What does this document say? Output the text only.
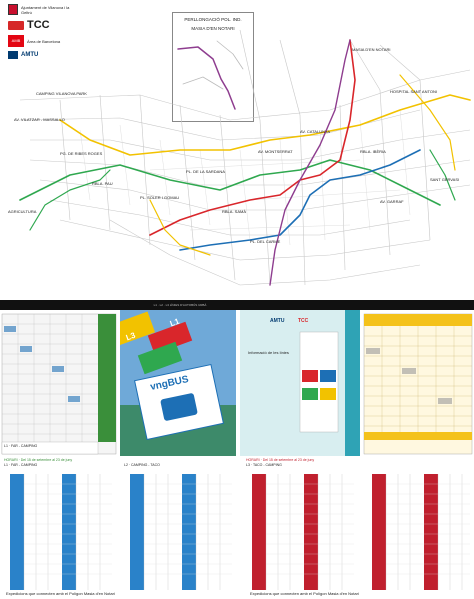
Ajuntament de Vilanova i la Geltrú
TCC
AMB	Àrea de Barcelona
AMTU
PERLLONGACIÓ POL. IND.
MASIA D'EN NOTARI
CAMPING VILANOVA PARK
AV. VILATZAR - MASSALLO
PG. DE RIBES ROGES
AGRICULTURA
RBLA. PAU
PL. SOLER I GOMAU
PL. DE LA SARDANA
RBLA. SAMÀ
AV. MONTSERRAT
AV. CATALUNYA
PL. DEL CARME
RBLA. IBÈRIA
AV. GARRAF
HOSPITAL SANT ANTONI
MASIA D'EN NOTARI
SANT GERVASI
L1 · L2 · L3 LÍNIES D'AUTOBÚS URBÀ
L1 · FAR - CAMPING
L1
L3
vngBUS
TCC
AMTU
Informació de les línies
HORARI · Del 15 de setembre al 23 de juny
L1 · FAR - CAMPING	L2 · CAMPING - TACO
HORARI · Del 15 de setembre al 23 de juny
L3 · TACO - CAMPING
Expedicions que connecten amb el Polígon Masia d'en Notari	Expedicions que connecten amb el Polígon Masia d'en Notari
